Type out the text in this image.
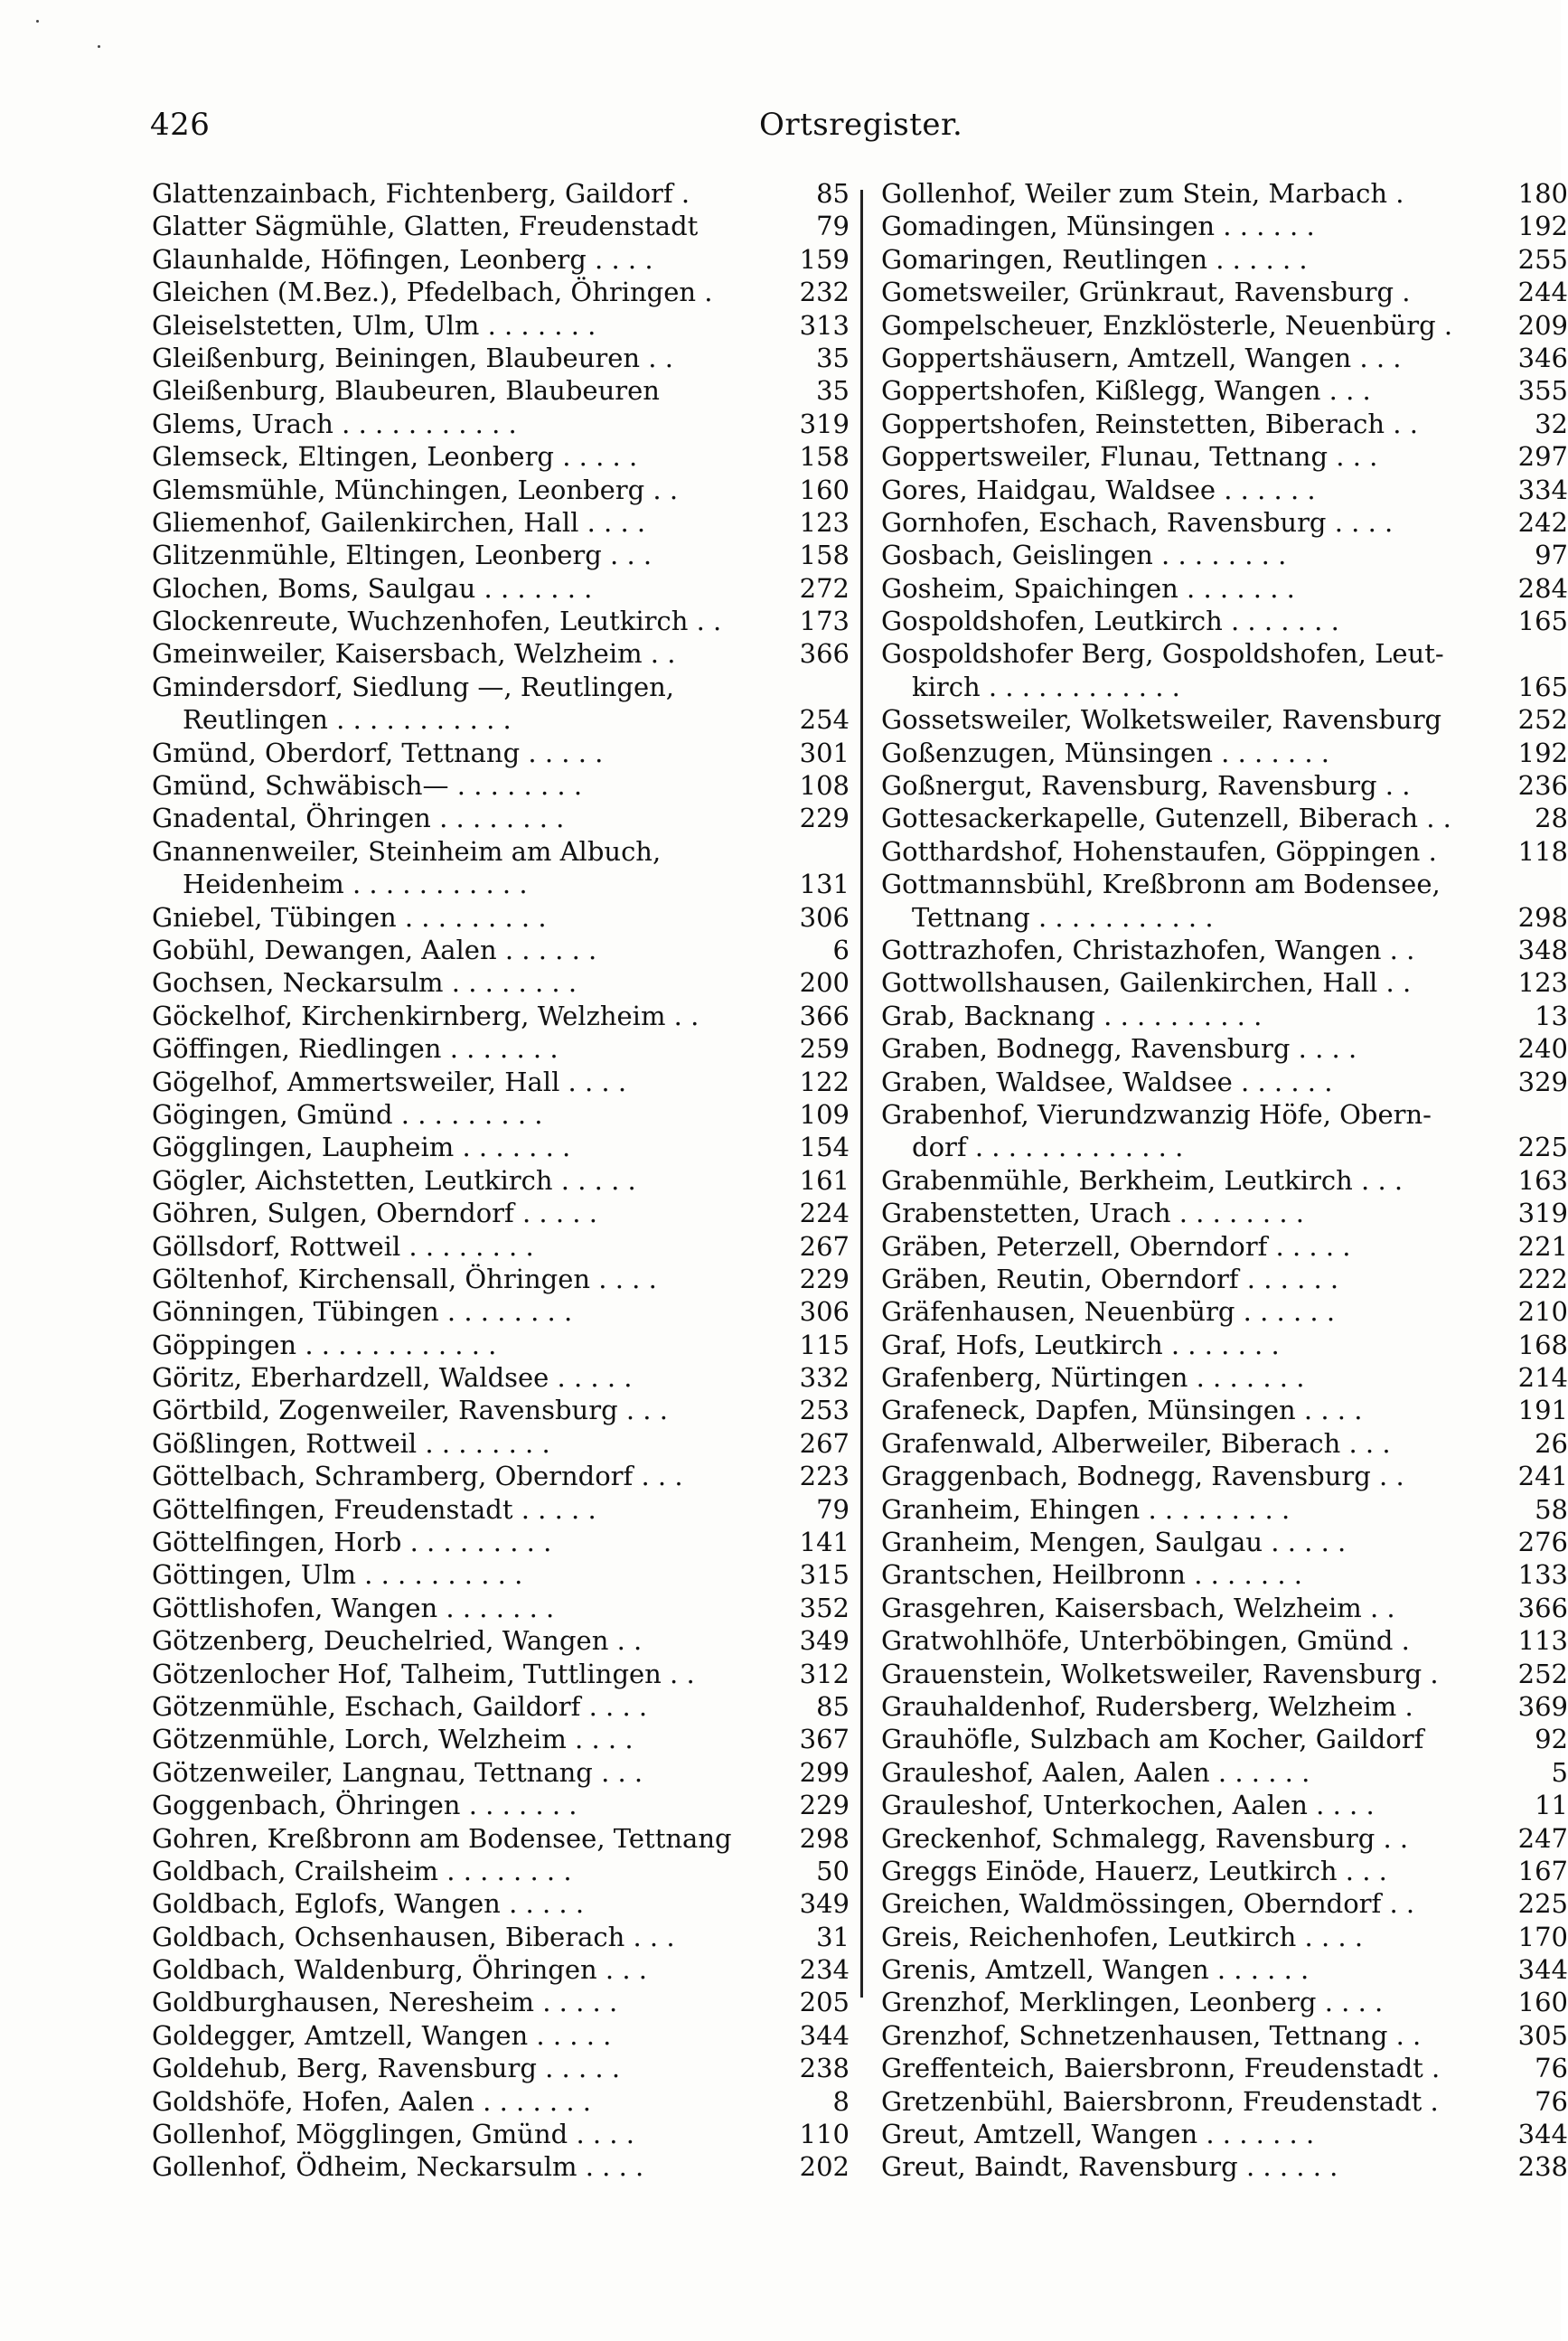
426	Ortsregister.
Glattenzainbach, Fichtenberg, Gaildorf .	85
Glatter Sägmühle, Glatten, Freudenstadt	79
Glaunhalde, Höfingen, Leonberg . . . .	159
Gleichen (M.Bez.), Pfedelbach, Öhringen .	232
Gleiselstetten, Ulm, Ulm . . . . . . .	313
Gleißenburg, Beiningen, Blaubeuren . .	35
Gleißenburg, Blaubeuren, Blaubeuren	35
Glems, Urach . . . . . . . . . . .	319
Glemseck, Eltingen, Leonberg . . . . .	158
Glemsmühle, Münchingen, Leonberg . .	160
Gliemenhof, Gailenkirchen, Hall . . . .	123
Glitzenmühle, Eltingen, Leonberg . . .	158
Glochen, Boms, Saulgau . . . . . . .	272
Glockenreute, Wuchzenhofen, Leutkirch . .	173
Gmeinweiler, Kaisersbach, Welzheim . .	366
Gmindersdorf, Siedlung —, Reutlingen,
Reutlingen . . . . . . . . . . .	254
Gmünd, Oberdorf, Tettnang . . . . .	301
Gmünd, Schwäbisch— . . . . . . . .	108
Gnadental, Öhringen . . . . . . . .	229
Gnannenweiler, Steinheim am Albuch,
Heidenheim . . . . . . . . . . .	131
Gniebel, Tübingen . . . . . . . . .	306
Gobühl, Dewangen, Aalen . . . . . .	6
Gochsen, Neckarsulm . . . . . . . .	200
Göckelhof, Kirchenkirnberg, Welzheim . .	366
Göffingen, Riedlingen . . . . . . .	259
Gögelhof, Ammertsweiler, Hall . . . .	122
Gögingen, Gmünd . . . . . . . . .	109
Gögglingen, Laupheim . . . . . . .	154
Gögler, Aichstetten, Leutkirch . . . . .	161
Göhren, Sulgen, Oberndorf . . . . .	224
Göllsdorf, Rottweil . . . . . . . .	267
Göltenhof, Kirchensall, Öhringen . . . .	229
Gönningen, Tübingen . . . . . . . .	306
Göppingen . . . . . . . . . . . .	115
Göritz, Eberhardzell, Waldsee . . . . .	332
Görtbild, Zogenweiler, Ravensburg . . .	253
Gößlingen, Rottweil . . . . . . . .	267
Göttelbach, Schramberg, Oberndorf . . .	223
Göttelfingen, Freudenstadt . . . . .	79
Göttelfingen, Horb . . . . . . . . .	141
Göttingen, Ulm . . . . . . . . . .	315
Göttlishofen, Wangen . . . . . . .	352
Götzenberg, Deuchelried, Wangen . .	349
Götzenlocher Hof, Talheim, Tuttlingen . .	312
Götzenmühle, Eschach, Gaildorf . . . .	85
Götzenmühle, Lorch, Welzheim . . . .	367
Götzenweiler, Langnau, Tettnang . . .	299
Goggenbach, Öhringen . . . . . . .	229
Gohren, Kreßbronn am Bodensee, Tettnang	298
Goldbach, Crailsheim . . . . . . . .	50
Goldbach, Eglofs, Wangen . . . . .	349
Goldbach, Ochsenhausen, Biberach . . .	31
Goldbach, Waldenburg, Öhringen . . .	234
Goldburghausen, Neresheim . . . . .	205
Goldegger, Amtzell, Wangen . . . . .	344
Goldehub, Berg, Ravensburg . . . . .	238
Goldshöfe, Hofen, Aalen . . . . . . .	8
Gollenhof, Mögglingen, Gmünd . . . .	110
Gollenhof, Ödheim, Neckarsulm . . . .	202
Gollenhof, Weiler zum Stein, Marbach .	180
Gomadingen, Münsingen . . . . . .	192
Gomaringen, Reutlingen . . . . . .	255
Gometsweiler, Grünkraut, Ravensburg .	244
Gompelscheuer, Enzklösterle, Neuenbürg .	209
Goppertshäusern, Amtzell, Wangen . . .	346
Goppertshofen, Kißlegg, Wangen . . .	355
Goppertshofen, Reinstetten, Biberach . .	32
Goppertsweiler, Flunau, Tettnang . . .	297
Gores, Haidgau, Waldsee . . . . . .	334
Gornhofen, Eschach, Ravensburg . . . .	242
Gosbach, Geislingen . . . . . . . .	97
Gosheim, Spaichingen . . . . . . .	284
Gospoldshofen, Leutkirch . . . . . . .	165
Gospoldshofer Berg, Gospoldshofen, Leut-
kirch . . . . . . . . . . . .	165
Gossetsweiler, Wolketsweiler, Ravensburg	252
Goßenzugen, Münsingen . . . . . . .	192
Goßnergut, Ravensburg, Ravensburg . .	236
Gottesackerkapelle, Gutenzell, Biberach . .	28
Gotthardshof, Hohenstaufen, Göppingen .	118
Gottmannsbühl, Kreßbronn am Bodensee,
Tettnang . . . . . . . . . . .	298
Gottrazhofen, Christazhofen, Wangen . .	348
Gottwollshausen, Gailenkirchen, Hall . .	123
Grab, Backnang . . . . . . . . . .	13
Graben, Bodnegg, Ravensburg . . . .	240
Graben, Waldsee, Waldsee . . . . . .	329
Grabenhof, Vierundzwanzig Höfe, Obern-
dorf . . . . . . . . . . . . .	225
Grabenmühle, Berkheim, Leutkirch . . .	163
Grabenstetten, Urach . . . . . . . .	319
Gräben, Peterzell, Oberndorf . . . . .	221
Gräben, Reutin, Oberndorf . . . . . .	222
Gräfenhausen, Neuenbürg . . . . . .	210
Graf, Hofs, Leutkirch . . . . . . .	168
Grafenberg, Nürtingen . . . . . . .	214
Grafeneck, Dapfen, Münsingen . . . .	191
Grafenwald, Alberweiler, Biberach . . .	26
Graggenbach, Bodnegg, Ravensburg . .	241
Granheim, Ehingen . . . . . . . . .	58
Granheim, Mengen, Saulgau . . . . .	276
Grantschen, Heilbronn . . . . . . .	133
Grasgehren, Kaisersbach, Welzheim . .	366
Gratwohlhöfe, Unterböbingen, Gmünd .	113
Grauenstein, Wolketsweiler, Ravensburg .	252
Grauhaldenhof, Rudersberg, Welzheim .	369
Grauhöfle, Sulzbach am Kocher, Gaildorf	92
Grauleshof, Aalen, Aalen . . . . . .	5
Grauleshof, Unterkochen, Aalen . . . .	11
Greckenhof, Schmalegg, Ravensburg . .	247
Greggs Einöde, Hauerz, Leutkirch . . .	167
Greichen, Waldmössingen, Oberndorf . .	225
Greis, Reichenhofen, Leutkirch . . . .	170
Grenis, Amtzell, Wangen . . . . . .	344
Grenzhof, Merklingen, Leonberg . . . .	160
Grenzhof, Schnetzenhausen, Tettnang . .	305
Greffenteich, Baiersbronn, Freudenstadt .	76
Gretzenbühl, Baiersbronn, Freudenstadt .	76
Greut, Amtzell, Wangen . . . . . . .	344
Greut, Baindt, Ravensburg . . . . . .	238
